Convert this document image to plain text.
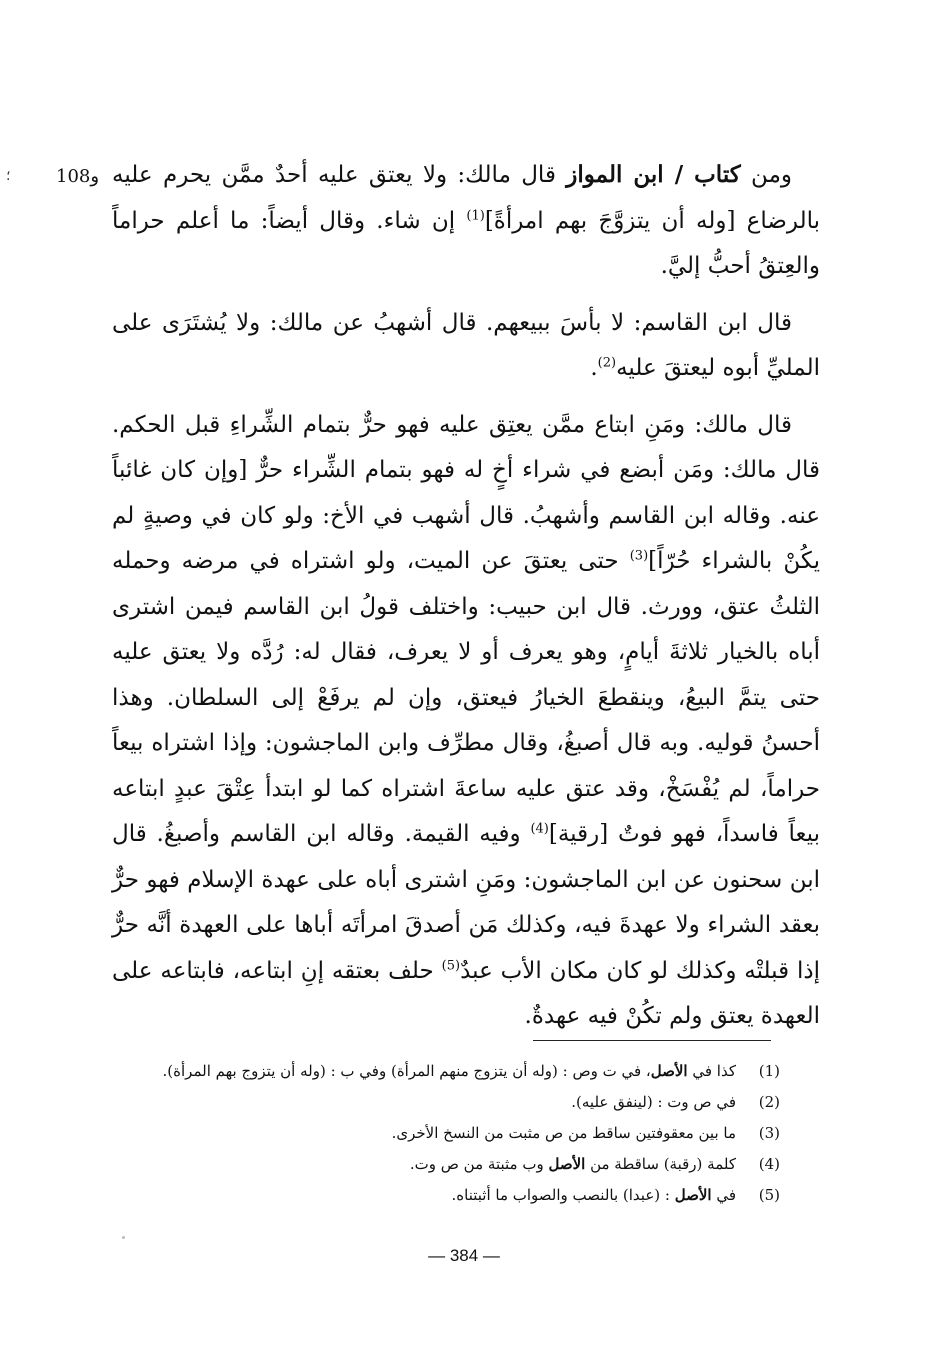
؛	و108	ومن كتاب / ابن المواز قال مالك: ولا يعتق عليه أحدٌ ممَّن يحرم عليه بالرضاع [وله أن يتزوَّجَ بهم امرأةً]$^{(1)}$ إن شاء. وقال أيضاً: ما أعلم حراماً والعِتقُ أحبُّ إليَّ.

قال ابن القاسم: لا بأسَ ببيعهم. قال أشهبُ عن مالك: ولا يُشتَرَى على المليِّ أبوه ليعتقَ عليه$^{(2)}$.

قال مالك: ومَنِ ابتاع ممَّن يعتِق عليه فهو حرٌّ بتمام الشِّراءِ قبل الحكم. قال مالك: ومَن أبضع في شراء أخٍ له فهو بتمام الشِّراء حرٌّ [وإن كان غائباً عنه. وقاله ابن القاسم وأشهبُ. قال أشهب في الأخ: ولو كان في وصيةٍ لم يكُنْ بالشراء حُرّاً]$^{(3)}$ حتى يعتقَ عن الميت، ولو اشتراه في مرضه وحمله الثلثُ عتق، وورث. قال ابن حبيب: واختلف قولُ ابن القاسم فيمن اشترى أباه بالخيار ثلاثةَ أيامٍ، وهو يعرف أو لا يعرف، فقال له: رُدَّه ولا يعتق عليه حتى يتمَّ البيعُ، وينقطعَ الخيارُ فيعتق، وإن لم يرفَعْ إلى السلطان. وهذا أحسنُ قوليه. وبه قال أصبغُ، وقال مطرِّف وابن الماجشون: وإذا اشتراه بيعاً حراماً، لم يُفْسَخْ، وقد عتق عليه ساعةَ اشتراه كما لو ابتدأ عِتْقَ عبدٍ ابتاعه بيعاً فاسداً، فهو فوتٌ [رقية]$^{(4)}$ وفيه القيمة. وقاله ابن القاسم وأصبغُ. قال ابن سحنون عن ابن الماجشون: ومَنِ اشترى أباه على عهدة الإسلام فهو حرٌّ بعقد الشراء ولا عهدةَ فيه، وكذلك مَن أصدقَ امرأتَه أباها على العهدة أنَّه حرٌّ إذا قبلتْه وكذلك لو كان مكان الأب عبدٌ$^{(5)}$ حلف بعتقه إنِ ابتاعه، فابتاعه على العهدة يعتق ولم تكُنْ فيه عهدةٌ.

(1)
كذا في الأصل، في ت وص : (وله أن يتزوج منهم المرأة) وفي ب : (وله أن يتزوج بهم المرأة).
(2)
في ص وت : (لينفق عليه).
(3)
ما بين معقوفتين ساقط من ص مثبت من النسخ الأخرى.
(4)
كلمة (رقبة) ساقطة من الأصل وب مثبتة من ص وت.
(5)
في الأصل : (عبدا) بالنصب والصواب ما أثبتناه.
— 384 —
